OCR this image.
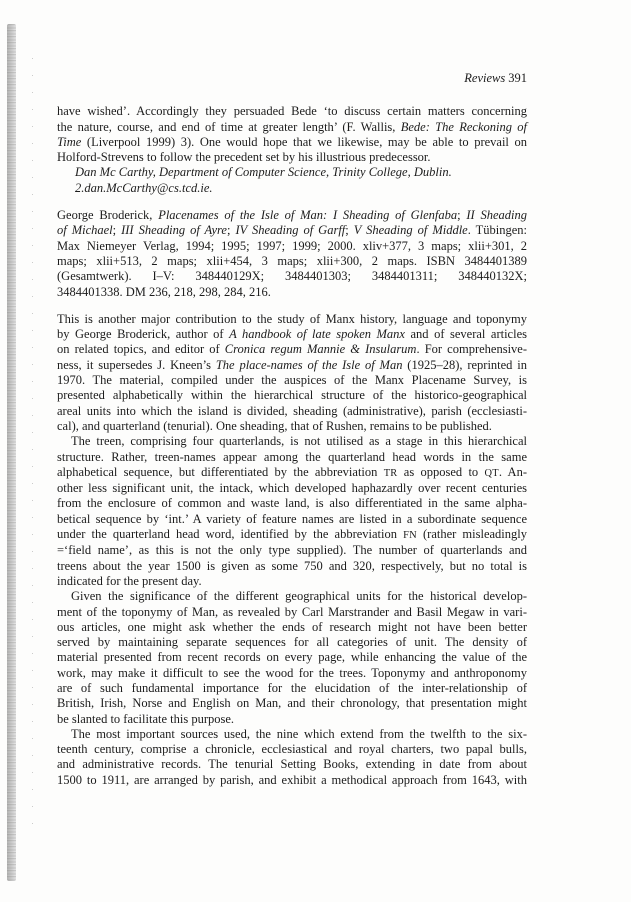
Reviews 391
have wished’. Accordingly they persuaded Bede ‘to discuss certain matters concerning
the nature, course, and end of time at greater length’ (F. Wallis, Bede: The Reckoning of
Time (Liverpool 1999) 3). One would hope that we likewise, may be able to prevail on
Holford-Strevens to follow the precedent set by his illustrious predecessor.
Dan Mc Carthy, Department of Computer Science, Trinity College, Dublin.
2.dan.McCarthy@cs.tcd.ie.
George Broderick, Placenames of the Isle of Man: I Sheading of Glenfaba; II Sheading
of Michael; III Sheading of Ayre; IV Sheading of Garff; V Sheading of Middle. Tübingen:
Max Niemeyer Verlag, 1994; 1995; 1997; 1999; 2000. xliv+377, 3 maps; xlii+301, 2
maps; xlii+513, 2 maps; xlii+454, 3 maps; xlii+300, 2 maps. ISBN 3484401389
(Gesamtwerk). I–V: 348440129X; 3484401303; 3484401311; 348440132X;
3484401338. DM 236, 218, 298, 284, 216.
This is another major contribution to the study of Manx history, language and toponymy
by George Broderick, author of A handbook of late spoken Manx and of several articles
on related topics, and editor of Cronica regum Mannie & Insularum. For comprehensive-
ness, it supersedes J. Kneen’s The place-names of the Isle of Man (1925–28), reprinted in
1970. The material, compiled under the auspices of the Manx Placename Survey, is
presented alphabetically within the hierarchical structure of the historico-geographical
areal units into which the island is divided, sheading (administrative), parish (ecclesiasti-
cal), and quarterland (tenurial). One sheading, that of Rushen, remains to be published.
The treen, comprising four quarterlands, is not utilised as a stage in this hierarchical
structure. Rather, treen-names appear among the quarterland head words in the same
alphabetical sequence, but differentiated by the abbreviation TR as opposed to QT. An-
other less significant unit, the intack, which developed haphazardly over recent centuries
from the enclosure of common and waste land, is also differentiated in the same alpha-
betical sequence by ‘int.’ A variety of feature names are listed in a subordinate sequence
under the quarterland head word, identified by the abbreviation FN (rather misleadingly
=‘field name’, as this is not the only type supplied). The number of quarterlands and
treens about the year 1500 is given as some 750 and 320, respectively, but no total is
indicated for the present day.
Given the significance of the different geographical units for the historical develop-
ment of the toponymy of Man, as revealed by Carl Marstrander and Basil Megaw in vari-
ous articles, one might ask whether the ends of research might not have been better
served by maintaining separate sequences for all categories of unit. The density of
material presented from recent records on every page, while enhancing the value of the
work, may make it difficult to see the wood for the trees. Toponymy and anthroponomy
are of such fundamental importance for the elucidation of the inter-relationship of
British, Irish, Norse and English on Man, and their chronology, that presentation might
be slanted to facilitate this purpose.
The most important sources used, the nine which extend from the twelfth to the six-
teenth century, comprise a chronicle, ecclesiastical and royal charters, two papal bulls,
and administrative records. The tenurial Setting Books, extending in date from about
1500 to 1911, are arranged by parish, and exhibit a methodical approach from 1643, with
